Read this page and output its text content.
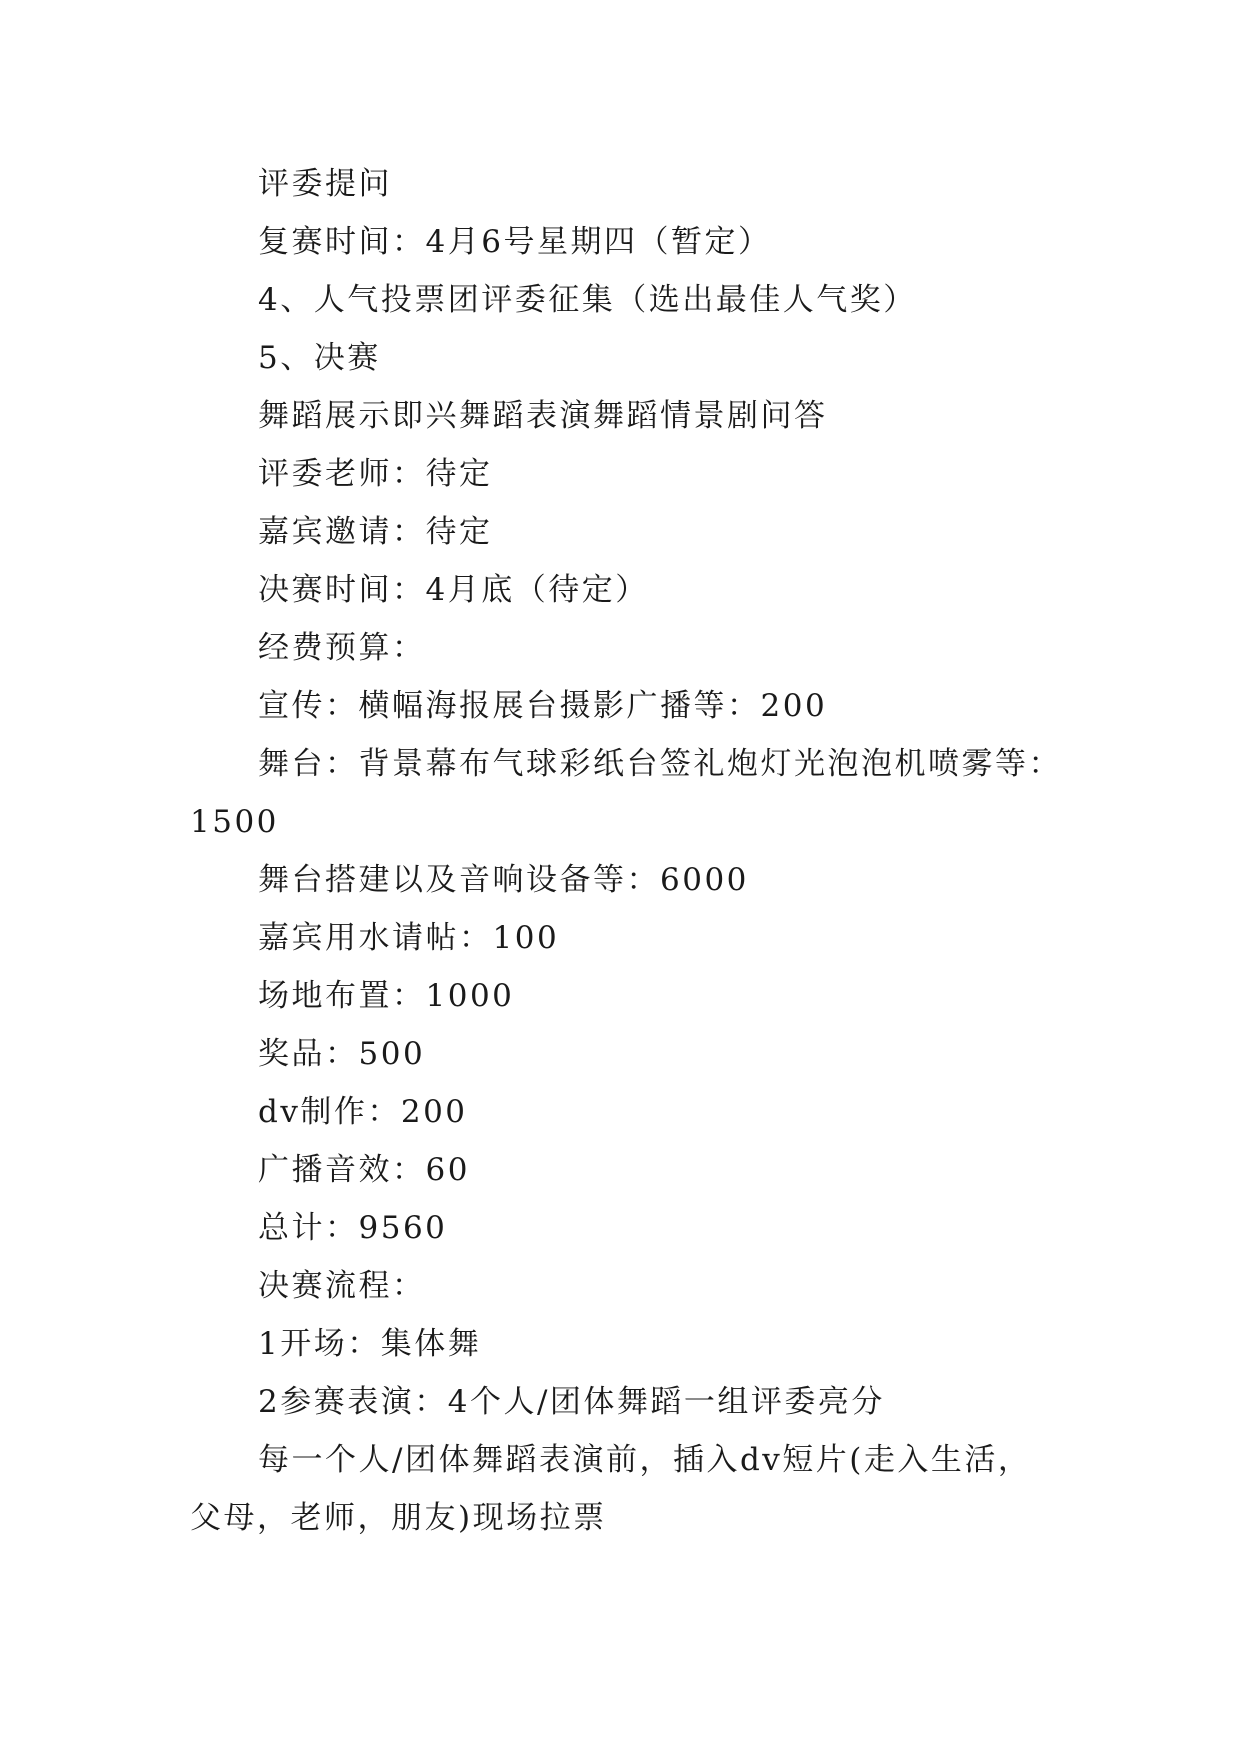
评委提问
复赛时间：4月6号星期四（暂定）
4、人气投票团评委征集（选出最佳人气奖）
5、决赛
舞蹈展示即兴舞蹈表演舞蹈情景剧问答
评委老师：待定
嘉宾邀请：待定
决赛时间：4月底（待定）
经费预算：
宣传：横幅海报展台摄影广播等：200
舞台：背景幕布气球彩纸台签礼炮灯光泡泡机喷雾等：
1500
舞台搭建以及音响设备等：6000
嘉宾用水请帖：100
场地布置：1000
奖品：500
dv制作：200
广播音效：60
总计：9560
决赛流程：
1开场：集体舞
2参赛表演：4个人/团体舞蹈一组评委亮分
每一个人/团体舞蹈表演前，插入dv短片(走入生活，
父母，老师，朋友)现场拉票
